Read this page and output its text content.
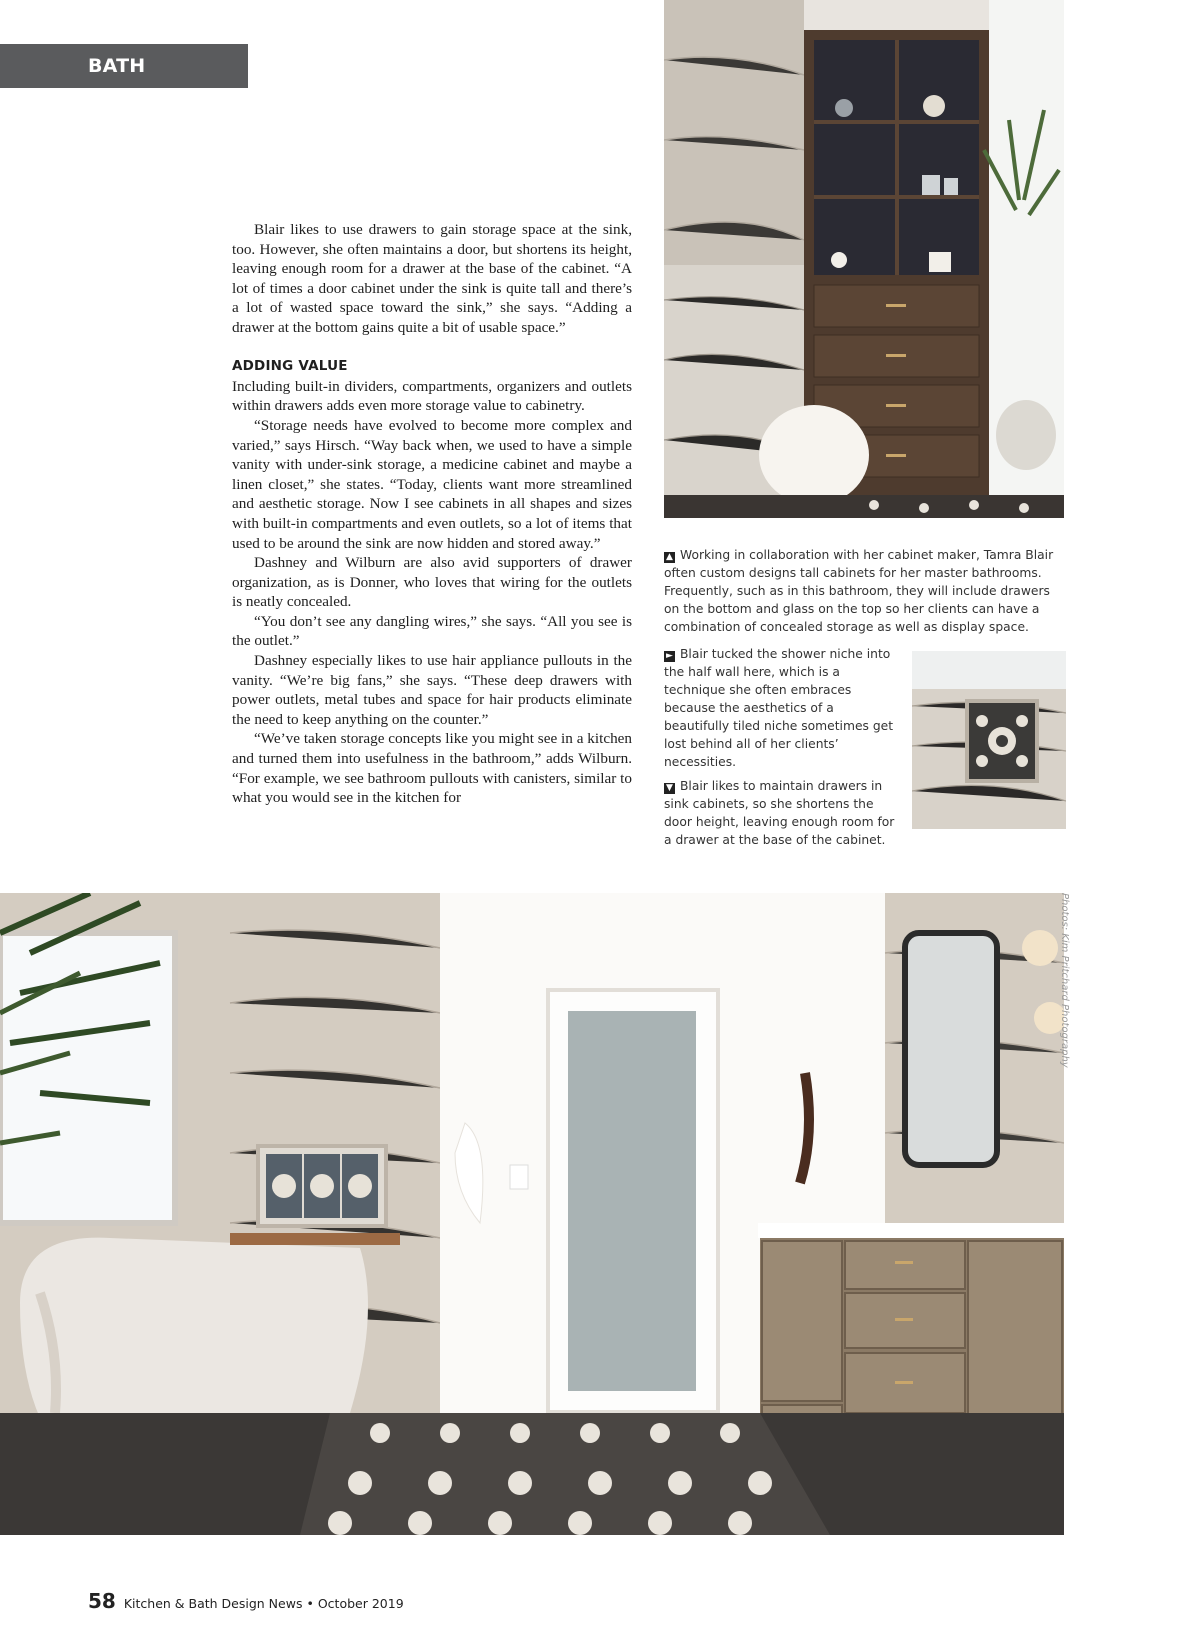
BATH STORAGE

Blair likes to use drawers to gain storage space at the sink, too. However, she often maintains a door, but shortens its height, leaving enough room for a drawer at the base of the cabinet. “A lot of times a door cabinet under the sink is quite tall and there’s a lot of wasted space toward the sink,” she says. “Adding a drawer at the bottom gains quite a bit of usable space.”

ADDING VALUE

Including built-in dividers, compartments, organizers and outlets within drawers adds even more storage value to cabinetry.

“Storage needs have evolved to become more complex and varied,” says Hirsch. “Way back when, we used to have a simple vanity with under-sink storage, a medicine cabinet and maybe a linen closet,” she states. “Today, clients want more streamlined and aesthetic storage. Now I see cabinets in all shapes and sizes with built-in compartments and even outlets, so a lot of items that used to be around the sink are now hidden and stored away.”

Dashney and Wilburn are also avid supporters of drawer organization, as is Donner, who loves that wiring for the outlets is neatly concealed.

“You don’t see any dangling wires,” she says. “All you see is the outlet.”

Dashney especially likes to use hair appliance pullouts in the vanity. “We’re big fans,” she says. “These deep drawers with power outlets, metal tubes and space for hair products eliminate the need to keep anything on the counter.”

“We’ve taken storage concepts like you might see in a kitchen and turned them into usefulness in the bathroom,” adds Wilburn. “For example, we see bathroom pullouts with canisters, similar to what you would see in the kitchen for

▲ Working in collaboration with her cabinet maker, Tamra Blair often custom designs tall cabinets for her master bathrooms. Frequently, such as in this bathroom, they will include drawers on the bottom and glass on the top so her clients can have a combination of concealed storage as well as display space.

► Blair tucked the shower niche into the half wall here, which is a technique she often embraces because the aesthetics of a beautifully tiled niche sometimes get lost behind all of her clients’ necessities.

▼ Blair likes to maintain drawers in sink cabinets, so she shortens the door height, leaving enough room for a drawer at the base of the cabinet.

Photos: Kim Pritchard Photography
58 Kitchen & Bath Design News • October 2019
